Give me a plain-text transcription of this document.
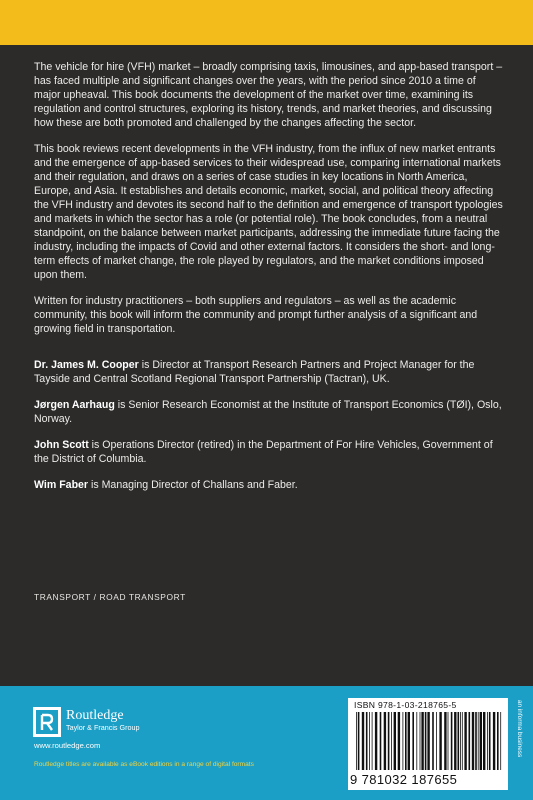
The vehicle for hire (VFH) market – broadly comprising taxis, limousines, and app-based transport – has faced multiple and significant changes over the years, with the period since 2010 a time of major upheaval. This book documents the development of the market over time, examining its regulation and control structures, exploring its history, trends, and market theories, and discussing how these are both promoted and challenged by the changes affecting the sector.

This book reviews recent developments in the VFH industry, from the influx of new market entrants and the emergence of app-based services to their widespread use, comparing international markets and their regulation, and draws on a series of case studies in key locations in North America, Europe, and Asia. It establishes and details economic, market, social, and political theory affecting the VFH industry and devotes its second half to the definition and emergence of transport typologies and markets in which the sector has a role (or potential role). The book concludes, from a neutral standpoint, on the balance between market participants, addressing the immediate future facing the industry, including the impacts of Covid and other external factors. It considers the short- and long-term effects of market change, the role played by regulators, and the market conditions imposed upon them.

Written for industry practitioners – both suppliers and regulators – as well as the academic community, this book will inform the community and prompt further analysis of a significant and growing field in transportation.

Dr. James M. Cooper is Director at Transport Research Partners and Project Manager for the Tayside and Central Scotland Regional Transport Partnership (Tactran), UK.

Jørgen Aarhaug is Senior Research Economist at the Institute of Transport Economics (TØI), Oslo, Norway.

John Scott is Operations Director (retired) in the Department of For Hire Vehicles, Government of the District of Columbia.

Wim Faber is Managing Director of Challans and Faber.

TRANSPORT / ROAD TRANSPORT
Routledge
Taylor & Francis Group
www.routledge.com
Routledge titles are available as eBook editions in a range of digital formats
ISBN 978-1-03-218765-5
9 781032 187655
an informa business
